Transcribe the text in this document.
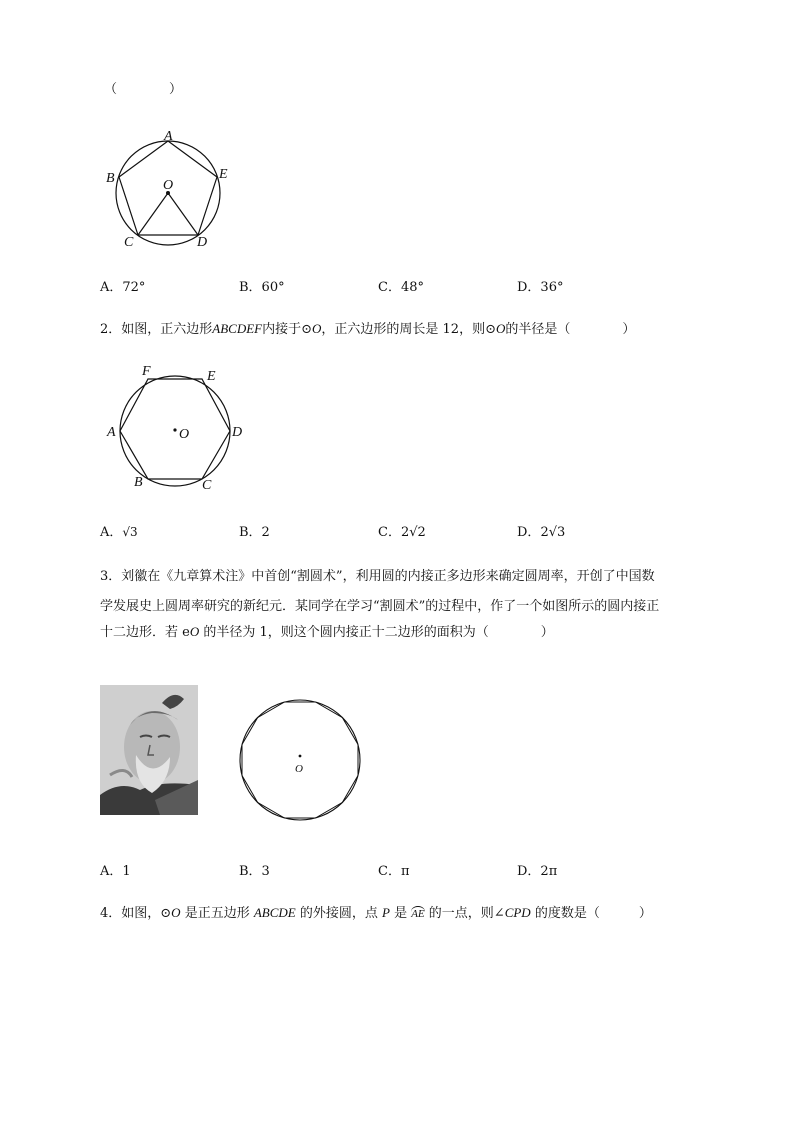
（　　　　）
A
B
C	D
E
O
A．72°	B．60°	C．48°	D．36°
2．如图，正六边形ABCDEF内接于⊙O，正六边形的周长是 12，则⊙O的半径是（　　　　）
F	E
A	O	D
B	C
A．√3	B．2	C．2√2	D．2√3
3．刘徽在《九章算术注》中首创“割圆术”，利用圆的内接正多边形来确定圆周率，开创了中国数
学发展史上圆周率研究的新纪元．某同学在学习“割圆术”的过程中，作了一个如图所示的圆内接正
十二边形．若 eO 的半径为 1，则这个圆内接正十二边形的面积为（　　　　）
O
A．1	B．3	C．π	D．2π
4．如图，⊙O 是正五边形 ABCDE 的外接圆，点 P 是 AE 的一点，则∠CPD 的度数是（　　　）
